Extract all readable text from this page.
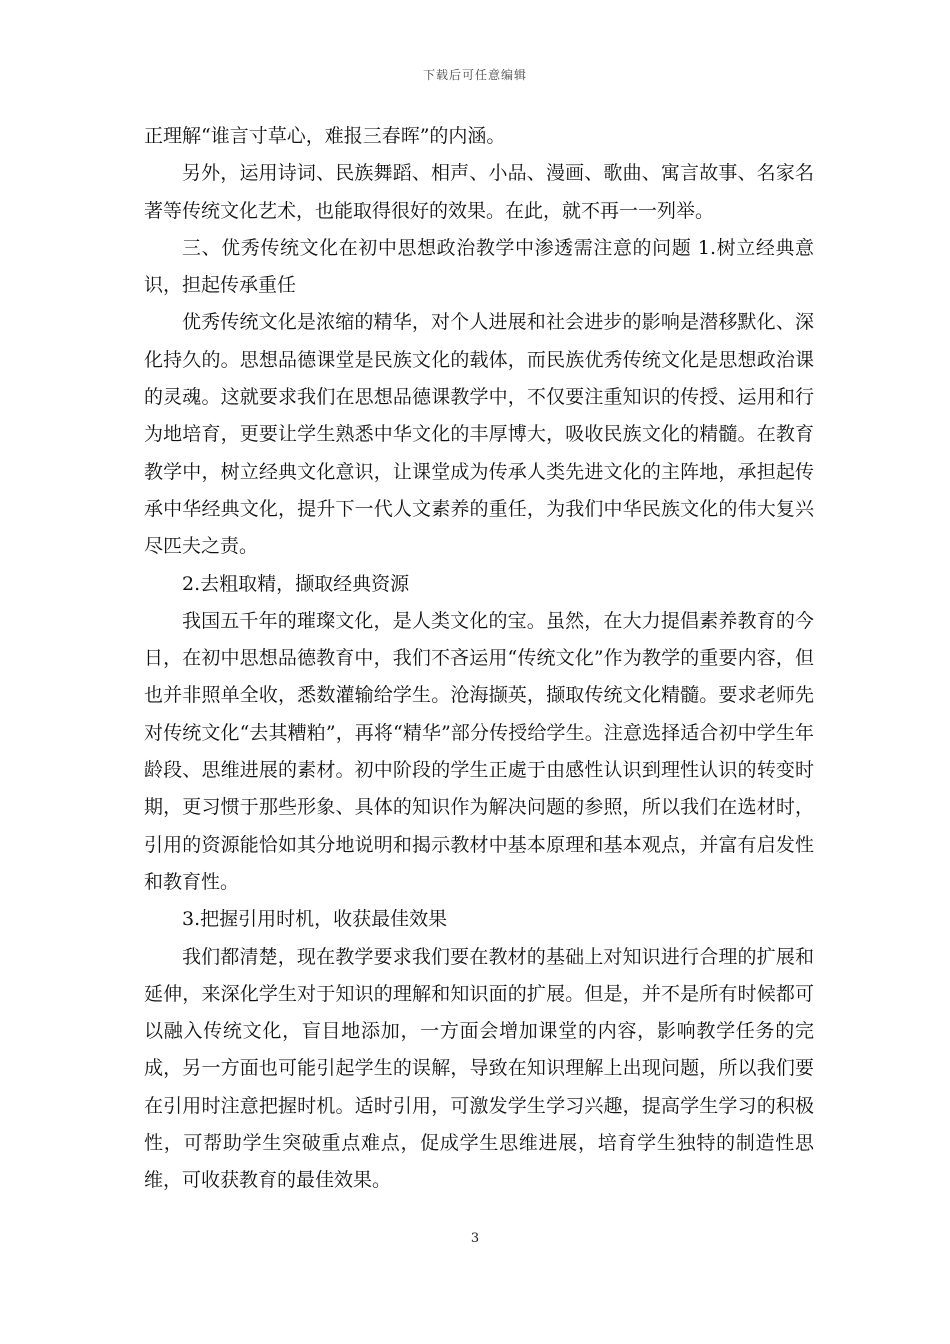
下载后可任意编辑

正理解“谁言寸草心，难报三春晖”的内涵。

另外，运用诗词、民族舞蹈、相声、小品、漫画、歌曲、寓言故事、名家名著等传统文化艺术，也能取得很好的效果。在此，就不再一一列举。

三、优秀传统文化在初中思想政治教学中渗透需注意的问题 1.树立经典意识，担起传承重任

优秀传统文化是浓缩的精华，对个人进展和社会进步的影响是潜移默化、深化持久的。思想品德课堂是民族文化的载体，而民族优秀传统文化是思想政治课的灵魂。这就要求我们在思想品德课教学中，不仅要注重知识的传授、运用和行为地培育，更要让学生熟悉中华文化的丰厚博大，吸收民族文化的精髓。在教育教学中，树立经典文化意识，让课堂成为传承人类先进文化的主阵地，承担起传承中华经典文化，提升下一代人文素养的重任，为我们中华民族文化的伟大复兴尽匹夫之责。

2.去粗取精，撷取经典资源

我国五千年的璀璨文化，是人类文化的宝。虽然，在大力提倡素养教育的今日，在初中思想品德教育中，我们不吝运用“传统文化”作为教学的重要内容，但也并非照单全收，悉数灌输给学生。沧海撷英，撷取传统文化精髓。要求老师先对传统文化“去其糟粕”，再将“精华”部分传授给学生。注意选择适合初中学生年龄段、思维进展的素材。初中阶段的学生正處于由感性认识到理性认识的转变时期，更习惯于那些形象、具体的知识作为解决问题的参照，所以我们在选材时，引用的资源能恰如其分地说明和揭示教材中基本原理和基本观点，并富有启发性和教育性。

3.把握引用时机，收获最佳效果

我们都清楚，现在教学要求我们要在教材的基础上对知识进行合理的扩展和延伸，来深化学生对于知识的理解和知识面的扩展。但是，并不是所有时候都可以融入传统文化，盲目地添加，一方面会增加课堂的内容，影响教学任务的完成，另一方面也可能引起学生的误解，导致在知识理解上出现问题，所以我们要在引用时注意把握时机。适时引用，可激发学生学习兴趣，提高学生学习的积极性，可帮助学生突破重点难点，促成学生思维进展，培育学生独特的制造性思维，可收获教育的最佳效果。

3
